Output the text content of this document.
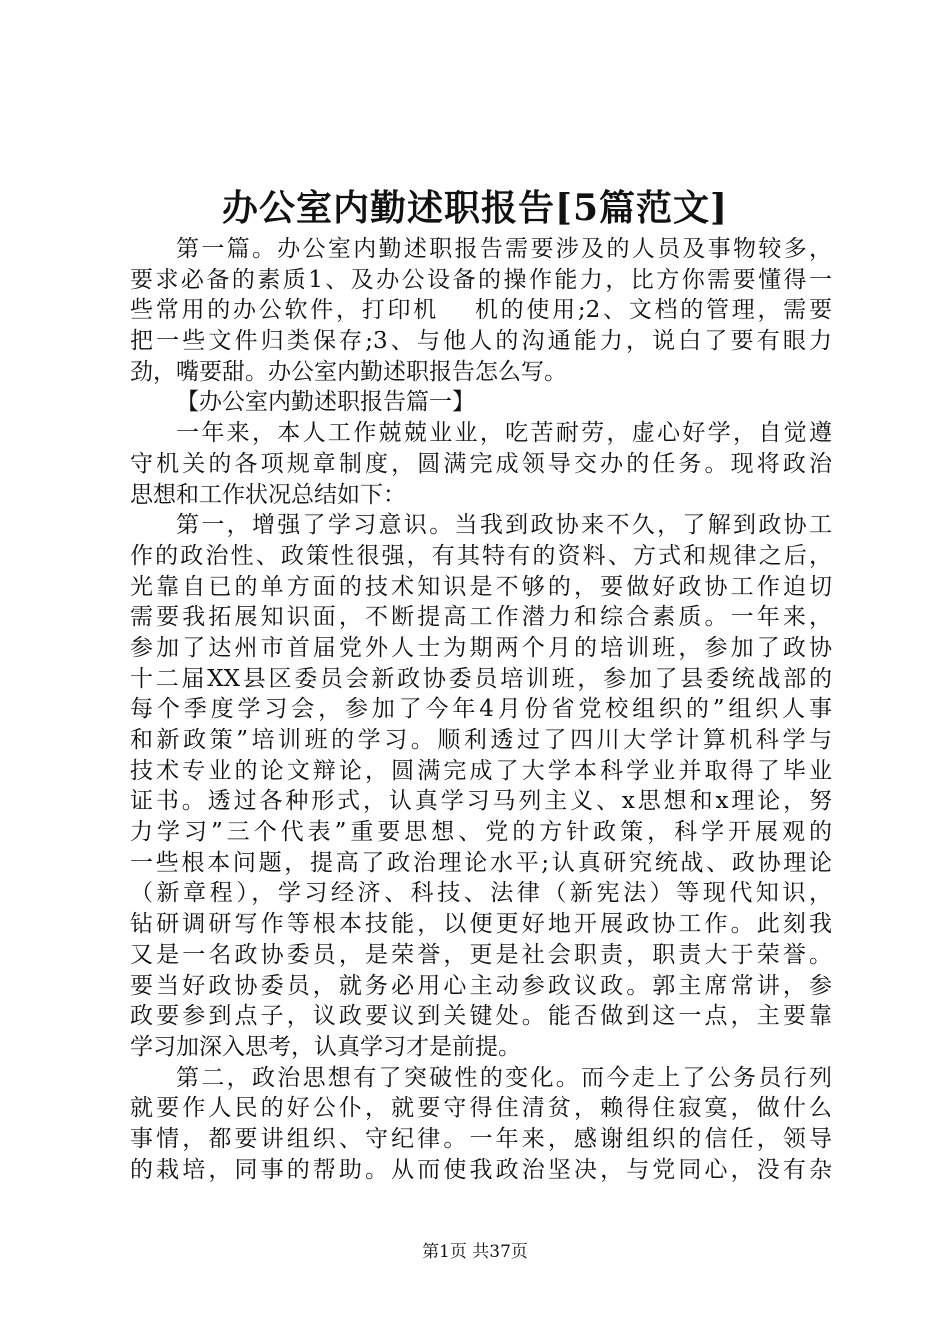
办公室内勤述职报告[5篇范文]
第一篇。办公室内勤述职报告需要涉及的人员及事物较多，
要求必备的素质1、及办公设备的操作能力，比方你需要懂得一
些常用的办公软件，打印机　 机的使用;2、文档的管理，需要
把一些文件归类保存;3、与他人的沟通能力，说白了要有眼力
劲，嘴要甜。办公室内勤述职报告怎么写。
【办公室内勤述职报告篇一】
一年来，本人工作兢兢业业，吃苦耐劳，虚心好学，自觉遵
守机关的各项规章制度，圆满完成领导交办的任务。现将政治
思想和工作状况总结如下：
第一，增强了学习意识。当我到政协来不久，了解到政协工
作的政治性、政策性很强，有其特有的资料、方式和规律之后，
光靠自已的单方面的技术知识是不够的，要做好政协工作迫切
需要我拓展知识面，不断提高工作潜力和综合素质。一年来，
参加了达州市首届党外人士为期两个月的培训班，参加了政协
十二届XX县区委员会新政协委员培训班，参加了县委统战部的
每个季度学习会，参加了今年4月份省党校组织的”组织人事
和新政策”培训班的学习。顺利透过了四川大学计算机科学与
技术专业的论文辩论，圆满完成了大学本科学业并取得了毕业
证书。透过各种形式，认真学习马列主义、x思想和x理论，努
力学习”三个代表”重要思想、党的方针政策，科学开展观的
一些根本问题，提高了政治理论水平;认真研究统战、政协理论
（新章程），学习经济、科技、法律（新宪法）等现代知识，
钻研调研写作等根本技能，以便更好地开展政协工作。此刻我
又是一名政协委员，是荣誉，更是社会职责，职责大于荣誉。
要当好政协委员，就务必用心主动参政议政。郭主席常讲，参
政要参到点子，议政要议到关键处。能否做到这一点，主要靠
学习加深入思考，认真学习才是前提。
第二，政治思想有了突破性的变化。而今走上了公务员行列
就要作人民的好公仆，就要守得住清贫，赖得住寂寞，做什么
事情，都要讲组织、守纪律。一年来，感谢组织的信任，领导
的栽培，同事的帮助。从而使我政治坚决，与党同心，没有杂
第1页 共37页
